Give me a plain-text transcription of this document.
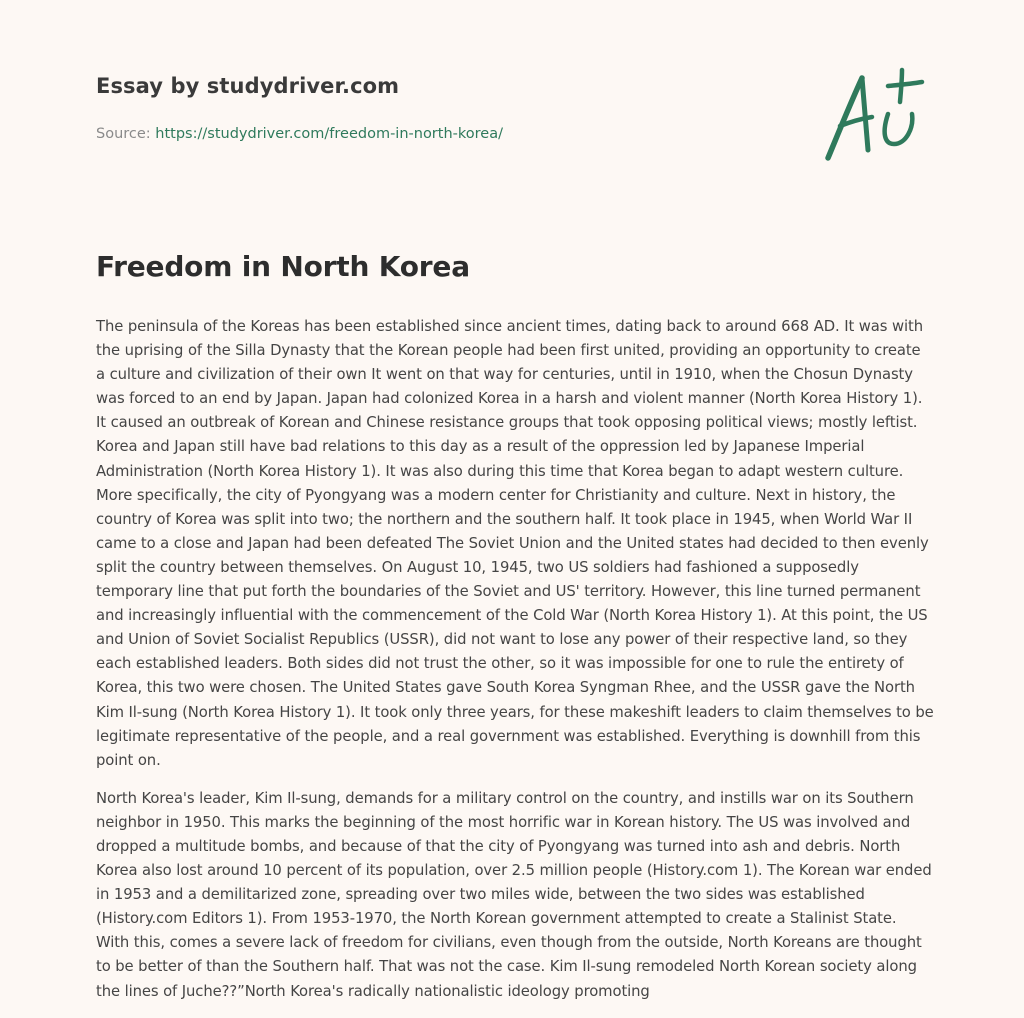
Essay by studydriver.com
Source: https://studydriver.com/freedom-in-north-korea/
Freedom in North Korea

The peninsula of the Koreas has been established since ancient times, dating back to around 668 AD. It was with the uprising of the Silla Dynasty that the Korean people had been first united, providing an opportunity to create a culture and civilization of their own It went on that way for centuries, until in 1910, when the Chosun Dynasty was forced to an end by Japan. Japan had colonized Korea in a harsh and violent manner (North Korea History 1). It caused an outbreak of Korean and Chinese resistance groups that took opposing political views; mostly leftist. Korea and Japan still have bad relations to this day as a result of the oppression led by Japanese Imperial Administration (North Korea History 1). It was also during this time that Korea began to adapt western culture. More specifically, the city of Pyongyang was a modern center for Christianity and culture. Next in history, the country of Korea was split into two; the northern and the southern half. It took place in 1945, when World War II came to a close and Japan had been defeated The Soviet Union and the United states had decided to then evenly split the country between themselves. On August 10, 1945, two US soldiers had fashioned a supposedly temporary line that put forth the boundaries of the Soviet and US' territory. However, this line turned permanent and increasingly influential with the commencement of the Cold War (North Korea History 1). At this point, the US and Union of Soviet Socialist Republics (USSR), did not want to lose any power of their respective land, so they each established leaders. Both sides did not trust the other, so it was impossible for one to rule the entirety of Korea, this two were chosen. The United States gave South Korea Syngman Rhee, and the USSR gave the North Kim Il-sung (North Korea History 1). It took only three years, for these makeshift leaders to claim themselves to be legitimate representative of the people, and a real government was established. Everything is downhill from this point on.

North Korea's leader, Kim Il-sung, demands for a military control on the country, and instills war on its Southern neighbor in 1950. This marks the beginning of the most horrific war in Korean history. The US was involved and dropped a multitude bombs, and because of that the city of Pyongyang was turned into ash and debris. North Korea also lost around 10 percent of its population, over 2.5 million people (History.com 1). The Korean war ended in 1953 and a demilitarized zone, spreading over two miles wide, between the two sides was established (History.com Editors 1). From 1953-1970, the North Korean government attempted to create a Stalinist State. With this, comes a severe lack of freedom for civilians, even though from the outside, North Koreans are thought to be better of than the Southern half. That was not the case. Kim Il-sung remodeled North Korean society along the lines of Juche??”North Korea's radically nationalistic ideology promoting
